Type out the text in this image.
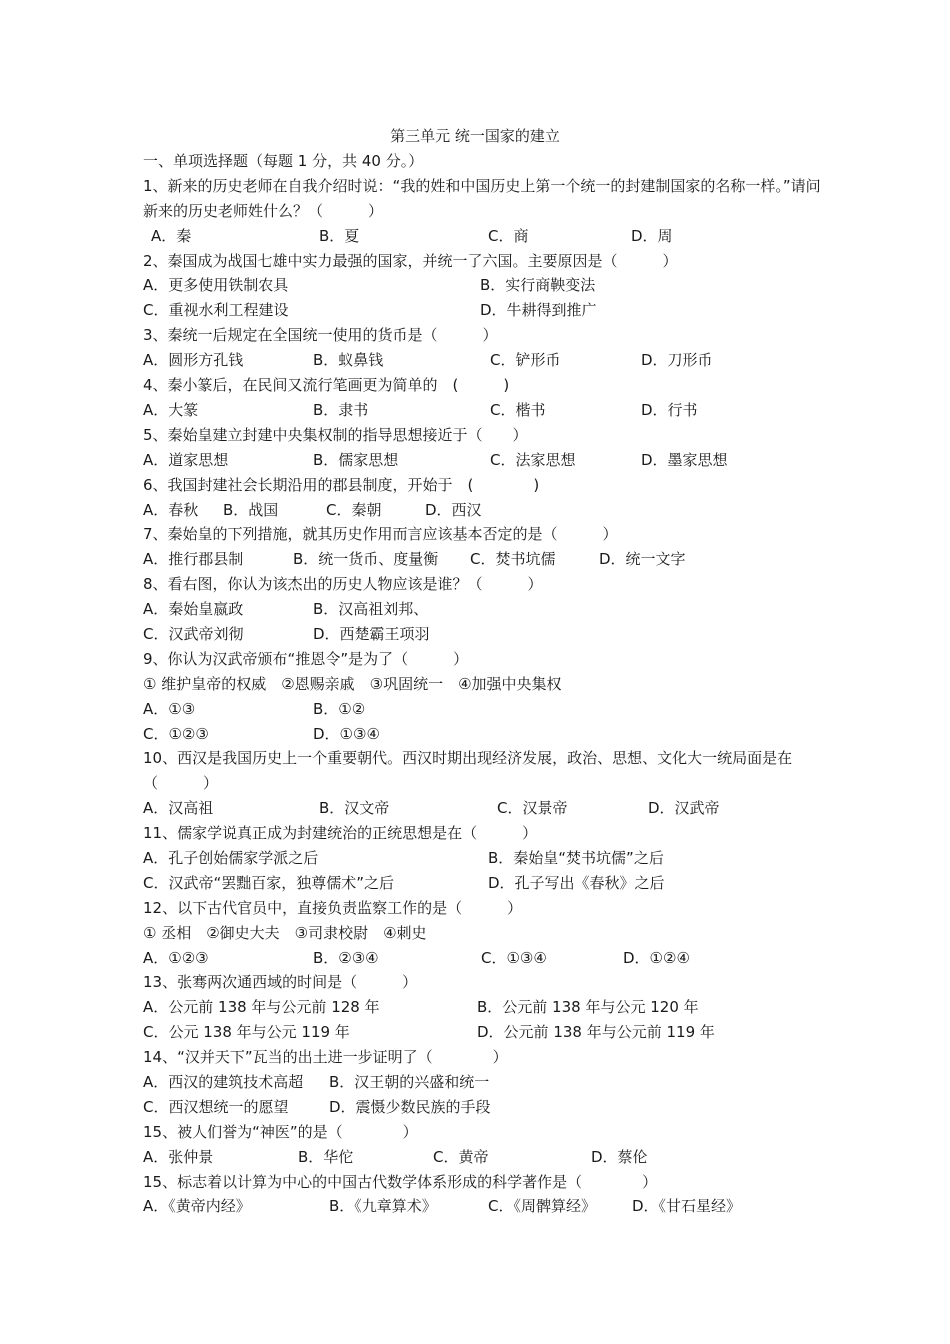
第三单元 统一国家的建立
一、单项选择题（每题 1 分，共 40 分。）
1、新来的历史老师在自我介绍时说：“我的姓和中国历史上第一个统一的封建制国家的名称一样。”请问新来的历史老师姓什么？（　　　）
A．秦	B．夏	C．商	D．周
2、秦国成为战国七雄中实力最强的国家，并统一了六国。主要原因是（　　　）
A．更多使用铁制农具	B．实行商鞅变法
C．重视水利工程建设	D．牛耕得到推广
3、秦统一后规定在全国统一使用的货币是（　　　）
A．圆形方孔钱	B．蚁鼻钱	C．铲形币	D．刀形币
4、秦小篆后，在民间又流行笔画更为简单的　(　　　)
A．大篆	B．隶书	C．楷书	D．行书
5、秦始皇建立封建中央集权制的指导思想接近于（　　）
A．道家思想	B．儒家思想	C．法家思想	D．墨家思想
6、我国封建社会长期沿用的郡县制度，开始于　(　　　　)
A．春秋 B．战国	C．秦朝	D．西汉
7、秦始皇的下列措施，就其历史作用而言应该基本否定的是（　　　）
A．推行郡县制	B．统一货币、度量衡 C．焚书坑儒	D．统一文字
8、看右图，你认为该杰出的历史人物应该是谁？（　　　）
A．秦始皇嬴政	B．汉高祖刘邦、
C．汉武帝刘彻	D．西楚霸王项羽
9、你认为汉武帝颁布“推恩令”是为了（　　　）
① 维护皇帝的权威　②恩赐亲戚　③巩固统一　④加强中央集权
A．①③	B．①②
C．①②③	D．①③④
10、西汉是我国历史上一个重要朝代。西汉时期出现经济发展，政治、思想、文化大一统局面是在（　　　）
A．汉高祖	B．汉文帝	C．汉景帝	D．汉武帝
11、儒家学说真正成为封建统治的正统思想是在（　　　）
A．孔子创始儒家学派之后	B．秦始皇“焚书坑儒”之后
C．汉武帝“罢黜百家，独尊儒术”之后	D．孔子写出《春秋》之后
12、以下古代官员中，直接负责监察工作的是（　　　）
① 丞相　②御史大夫　③司隶校尉　④刺史
A．①②③	B．②③④	C．①③④	D．①②④
13、张骞两次通西域的时间是（　　　）
A．公元前 138 年与公元前 128 年	B．公元前 138 年与公元 120 年
C．公元 138 年与公元 119 年	D．公元前 138 年与公元前 119 年
14、“汉并天下”瓦当的出土进一步证明了（　　　　）
A．西汉的建筑技术高超 B．汉王朝的兴盛和统一
C．西汉想统一的愿望	D．震慑少数民族的手段
15、被人们誉为“神医”的是（　　　　）
A．张仲景	B．华佗	C．黄帝	D．蔡伦
15、标志着以计算为中心的中国古代数学体系形成的科学著作是（　　　　）
A．《黄帝内经》	B．《九章算术》	C．《周髀算经》 D．《甘石星经》
